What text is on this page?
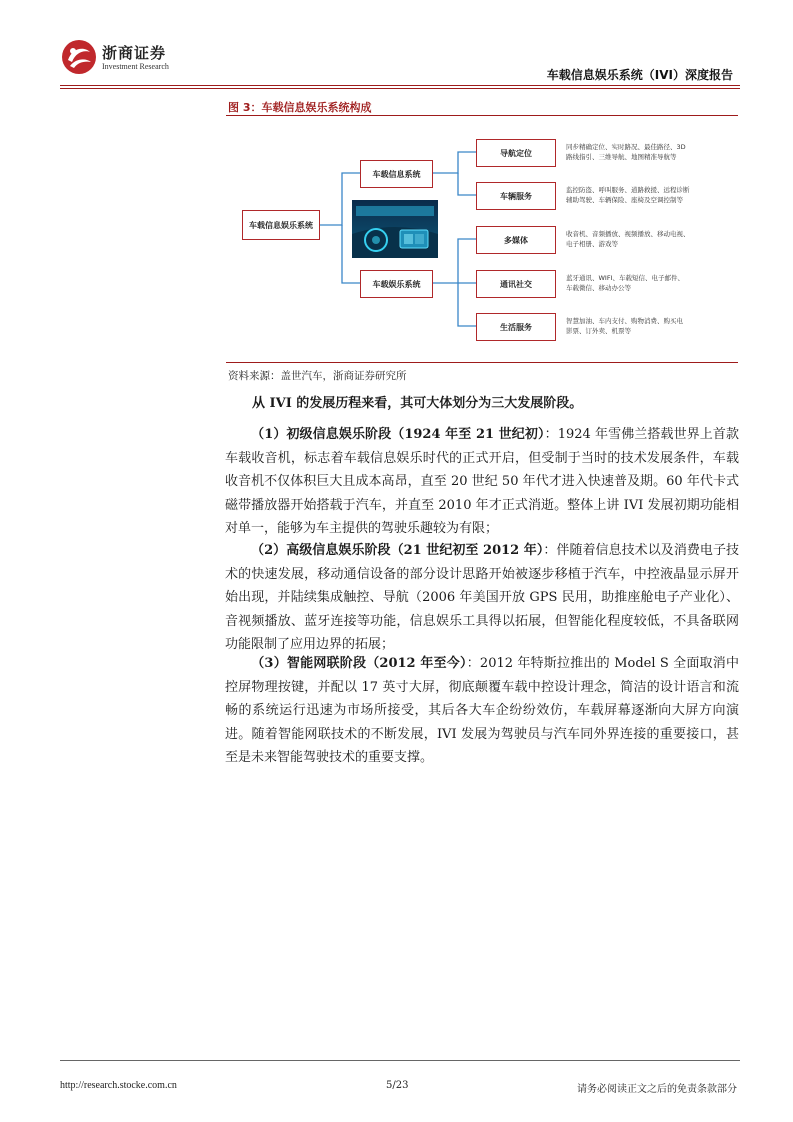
浙商证券
Investment Research
车载信息娱乐系统（IVI）深度报告
图 3：车载信息娱乐系统构成
车载信息娱乐系统
车载信息系统
车载娱乐系统
导航定位
同步精确定位、实时路况、最佳路径、3D
路线指引、三维导航、地图精准导航等
车辆服务
监控防盗、呼叫服务、道路救援、远程诊断
辅助驾驶、车辆保险、座椅及空调控制等
多媒体
收音机、音频播放、视频播放、移动电视、
电子相册、游戏等
通讯社交
蓝牙通讯、WIFI、车载短信、电子邮件、
车载微信、移动办公等
生活服务
智慧加油、车内支付、购物消费、购买电
影票、订外卖、机票等
资料来源：盖世汽车，浙商证券研究所
从 IVI 的发展历程来看，其可大体划分为三大发展阶段。
（1）初级信息娱乐阶段（1924 年至 21 世纪初）：1924 年雪佛兰搭载世界上首款车载收音机，标志着车载信息娱乐时代的正式开启，但受制于当时的技术发展条件，车载收音机不仅体积巨大且成本高昂，直至 20 世纪 50 年代才进入快速普及期。60 年代卡式磁带播放器开始搭载于汽车，并直至 2010 年才正式消逝。整体上讲 IVI 发展初期功能相对单一，能够为车主提供的驾驶乐趣较为有限；
（2）高级信息娱乐阶段（21 世纪初至 2012 年）：伴随着信息技术以及消费电子技术的快速发展，移动通信设备的部分设计思路开始被逐步移植于汽车，中控液晶显示屏开始出现，并陆续集成触控、导航（2006 年美国开放 GPS 民用，助推座舱电子产业化）、音视频播放、蓝牙连接等功能，信息娱乐工具得以拓展，但智能化程度较低，不具备联网功能限制了应用边界的拓展；
（3）智能网联阶段（2012 年至今）：2012 年特斯拉推出的 Model S 全面取消中控屏物理按键，并配以 17 英寸大屏，彻底颠覆车载中控设计理念，简洁的设计语言和流畅的系统运行迅速为市场所接受，其后各大车企纷纷效仿，车载屏幕逐渐向大屏方向演进。随着智能网联技术的不断发展，IVI 发展为驾驶员与汽车同外界连接的重要接口，甚至是未来智能驾驶技术的重要支撑。
http://research.stocke.com.cn	5/23	请务必阅读正文之后的免责条款部分
